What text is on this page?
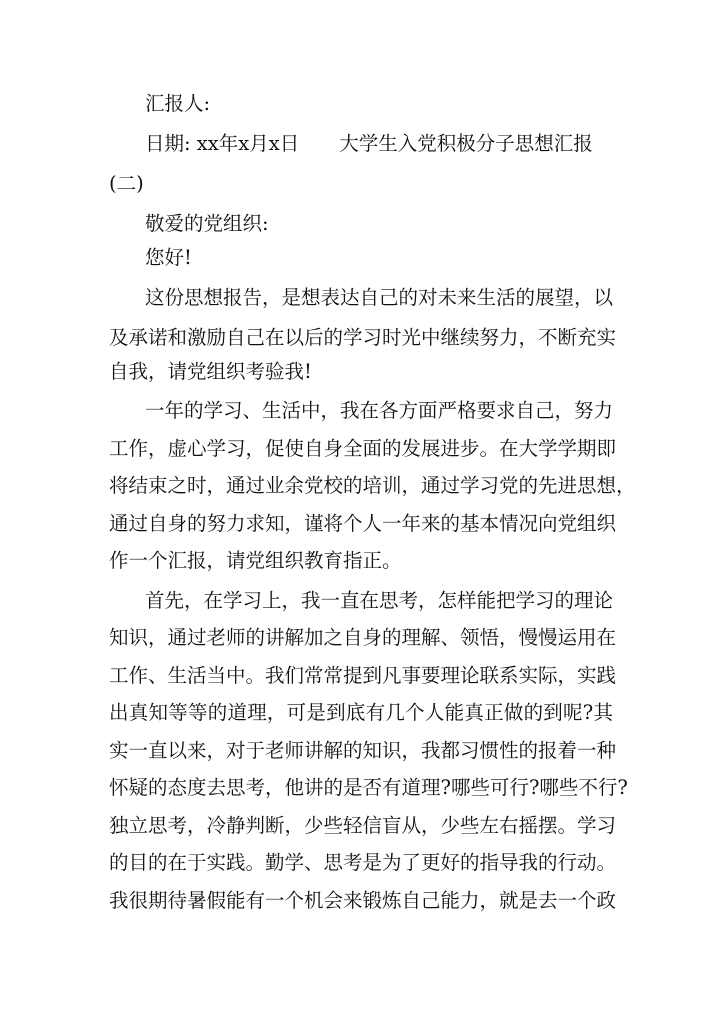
汇报人:
日期: xx年x月x日 大学生入党积极分子思想汇报
(二)
敬爱的党组织:
您好!
这份思想报告，是想表达自己的对未来生活的展望，以
及承诺和激励自己在以后的学习时光中继续努力，不断充实
自我，请党组织考验我!
一年的学习、生活中，我在各方面严格要求自己，努力
工作，虚心学习，促使自身全面的发展进步。在大学学期即
将结束之时，通过业余党校的培训，通过学习党的先进思想，
通过自身的努力求知，谨将个人一年来的基本情况向党组织
作一个汇报，请党组织教育指正。
首先，在学习上，我一直在思考，怎样能把学习的理论
知识，通过老师的讲解加之自身的理解、领悟，慢慢运用在
工作、生活当中。我们常常提到凡事要理论联系实际，实践
出真知等等的道理，可是到底有几个人能真正做的到呢?其
实一直以来，对于老师讲解的知识，我都习惯性的报着一种
怀疑的态度去思考，他讲的是否有道理?哪些可行?哪些不行?
独立思考，冷静判断，少些轻信盲从，少些左右摇摆。学习
的目的在于实践。勤学、思考是为了更好的指导我的行动。
我很期待暑假能有一个机会来锻炼自己能力，就是去一个政
